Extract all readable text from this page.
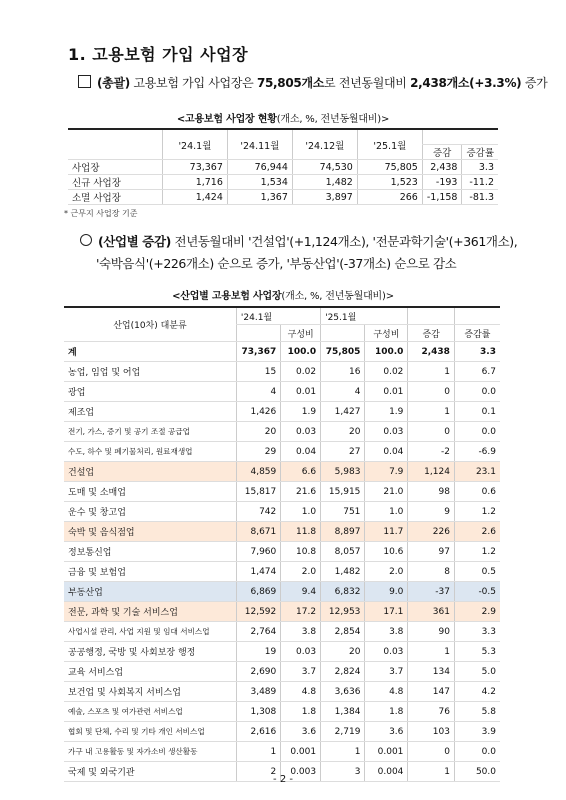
1. 고용보험 가입 사업장
(총괄) 고용보험 가입 사업장은 75,805개소로 전년동월대비 2,438개소(+3.3%) 증가
<고용보험 사업장 현황(개소, %, 전년동월대비)>
	'24.1월	'24.11월	'24.12월	'25.1월		
					증감	증감률
사업장	73,367	76,944	74,530	75,805	2,438	3.3
신규 사업장	1,716	1,534	1,482	1,523	-193	-11.2
소멸 사업장	1,424	1,367	3,897	266	-1,158	-81.3
* 근무지 사업장 기준
(산업별 증감) 전년동월대비 '건설업'(+1,124개소), '전문과학기술'(+361개소),
'숙박음식'(+226개소) 순으로 증가, '부동산업'(-37개소) 순으로 감소
<산업별 고용보험 사업장(개소, %, 전년동월대비)>
산업(10차) 대분류	'24.1월		'25.1월			
		구성비		구성비	증감	증감률
계	73,367	100.0	75,805	100.0	2,438	3.3
농업, 임업 및 어업	15	0.02	16	0.02	1	6.7
광업	4	0.01	4	0.01	0	0.0
제조업	1,426	1.9	1,427	1.9	1	0.1
전기, 가스, 증기 및 공기 조절 공급업	20	0.03	20	0.03	0	0.0
수도, 하수 및 폐기물처리, 원료재생업	29	0.04	27	0.04	-2	-6.9
건설업	4,859	6.6	5,983	7.9	1,124	23.1
도매 및 소매업	15,817	21.6	15,915	21.0	98	0.6
운수 및 창고업	742	1.0	751	1.0	9	1.2
숙박 및 음식점업	8,671	11.8	8,897	11.7	226	2.6
정보통신업	7,960	10.8	8,057	10.6	97	1.2
금융 및 보험업	1,474	2.0	1,482	2.0	8	0.5
부동산업	6,869	9.4	6,832	9.0	-37	-0.5
전문, 과학 및 기술 서비스업	12,592	17.2	12,953	17.1	361	2.9
사업시설 관리, 사업 지원 및 임대 서비스업	2,764	3.8	2,854	3.8	90	3.3
공공행정, 국방 및 사회보장 행정	19	0.03	20	0.03	1	5.3
교육 서비스업	2,690	3.7	2,824	3.7	134	5.0
보건업 및 사회복지 서비스업	3,489	4.8	3,636	4.8	147	4.2
예술, 스포츠 및 여가관련 서비스업	1,308	1.8	1,384	1.8	76	5.8
협회 및 단체, 수리 및 기타 개인 서비스업	2,616	3.6	2,719	3.6	103	3.9
가구 내 고용활동 및 자가소비 생산활동	1	0.001	1	0.001	0	0.0
국제 및 외국기관	2	0.003	3	0.004	1	50.0
- 2 -
